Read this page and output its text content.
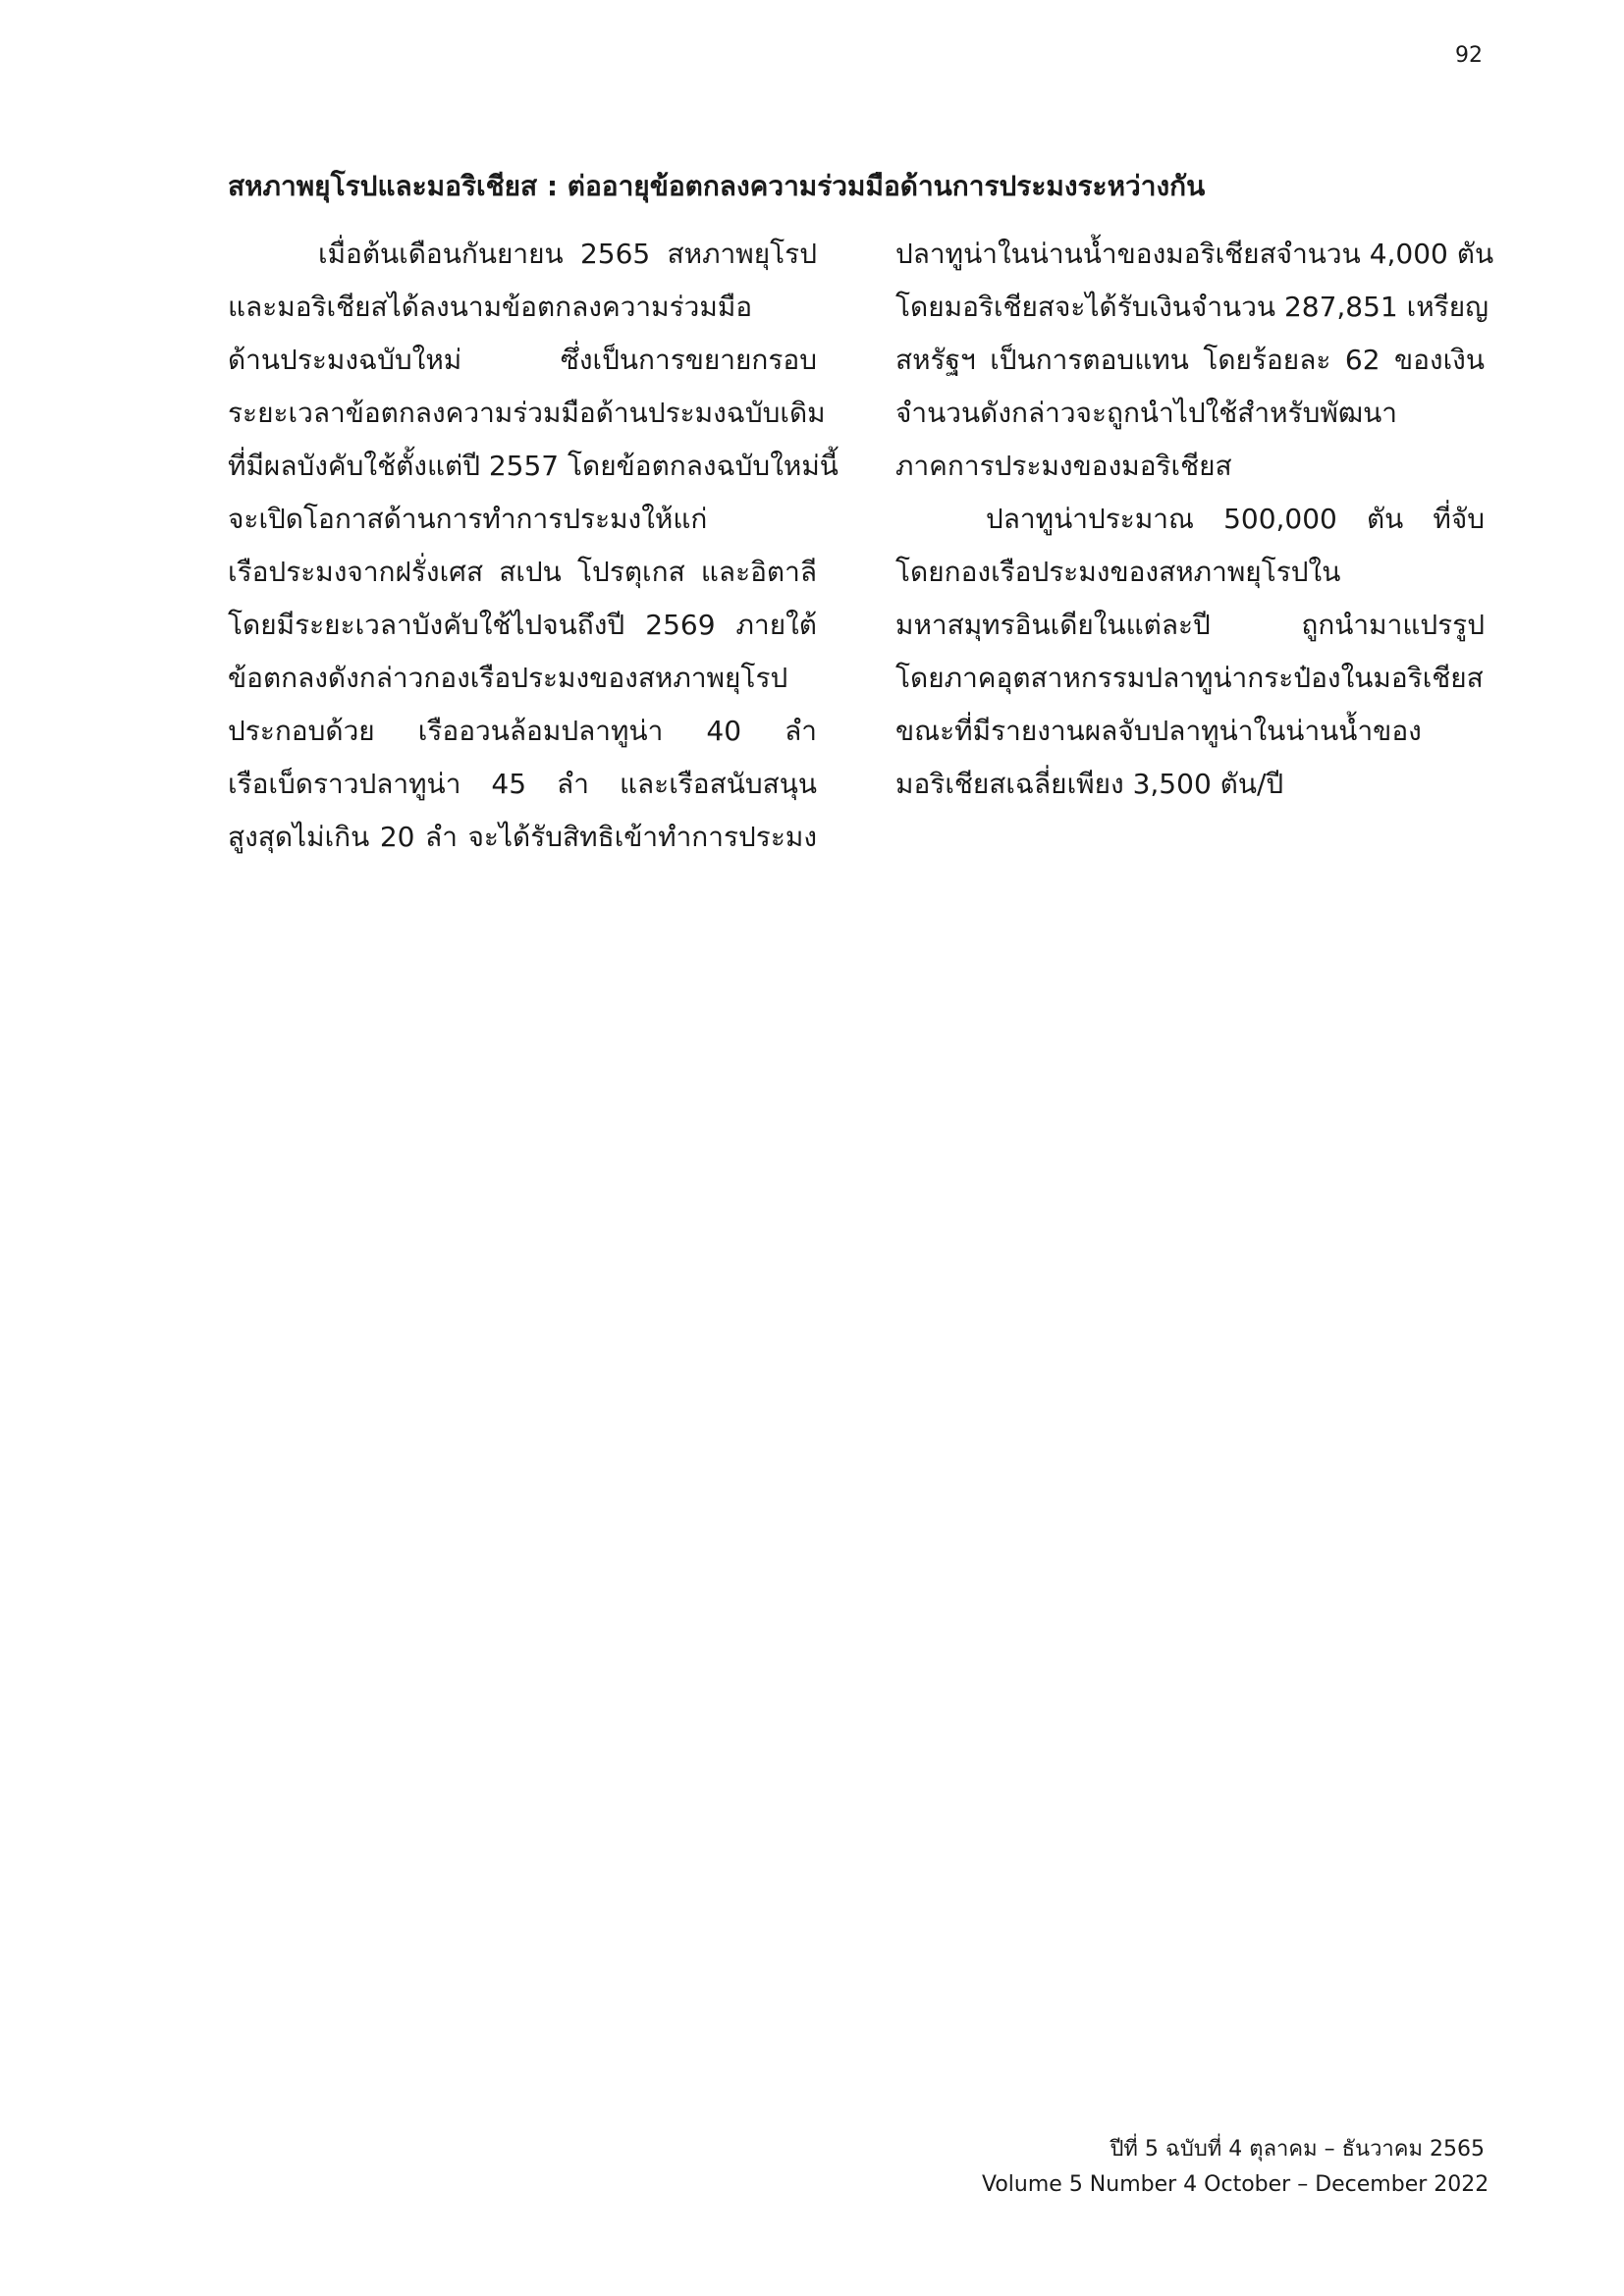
92
สหภาพยุโรปและมอริเชียส : ต่ออายุข้อตกลงความร่วมมือด้านการประมงระหว่างกัน
เมื่อต้นเดือนกันยายน 2565 สหภาพยุโรป
และมอริเชียสได้ลงนามข้อตกลงความร่วมมือ
ด้านประมงฉบับใหม่ ซึ่งเป็นการขยายกรอบ
ระยะเวลาข้อตกลงความร่วมมือด้านประมงฉบับเดิม
ที่มีผลบังคับใช้ตั้งแต่ปี 2557 โดยข้อตกลงฉบับใหม่นี้
จะเปิดโอกาสด้านการทำการประมงให้แก่
เรือประมงจากฝรั่งเศส สเปน โปรตุเกส และอิตาลี
โดยมีระยะเวลาบังคับใช้ไปจนถึงปี 2569 ภายใต้
ข้อตกลงดังกล่าวกองเรือประมงของสหภาพยุโรป
ประกอบด้วย เรืออวนล้อมปลาทูน่า 40 ลำ
เรือเบ็ดราวปลาทูน่า 45 ลำ และเรือสนับสนุน
สูงสุดไม่เกิน 20 ลำ จะได้รับสิทธิเข้าทำการประมง
ปลาทูน่าในน่านน้ำของมอริเชียสจำนวน 4,000 ตัน
โดยมอริเชียสจะได้รับเงินจำนวน 287,851 เหรียญ
สหรัฐฯ เป็นการตอบแทน โดยร้อยละ 62 ของเงิน
จำนวนดังกล่าวจะถูกนำไปใช้สำหรับพัฒนา
ภาคการประมงของมอริเชียส
ปลาทูน่าประมาณ 500,000 ตัน ที่จับ
โดยกองเรือประมงของสหภาพยุโรปใน
มหาสมุทรอินเดียในแต่ละปี ถูกนำมาแปรรูป
โดยภาคอุตสาหกรรมปลาทูน่ากระป๋องในมอริเชียส
ขณะที่มีรายงานผลจับปลาทูน่าในน่านน้ำของ
มอริเชียสเฉลี่ยเพียง 3,500 ตัน/ปี
ปีที่ 5 ฉบับที่ 4 ตุลาคม – ธันวาคม 2565
Volume 5 Number 4 October – December 2022
